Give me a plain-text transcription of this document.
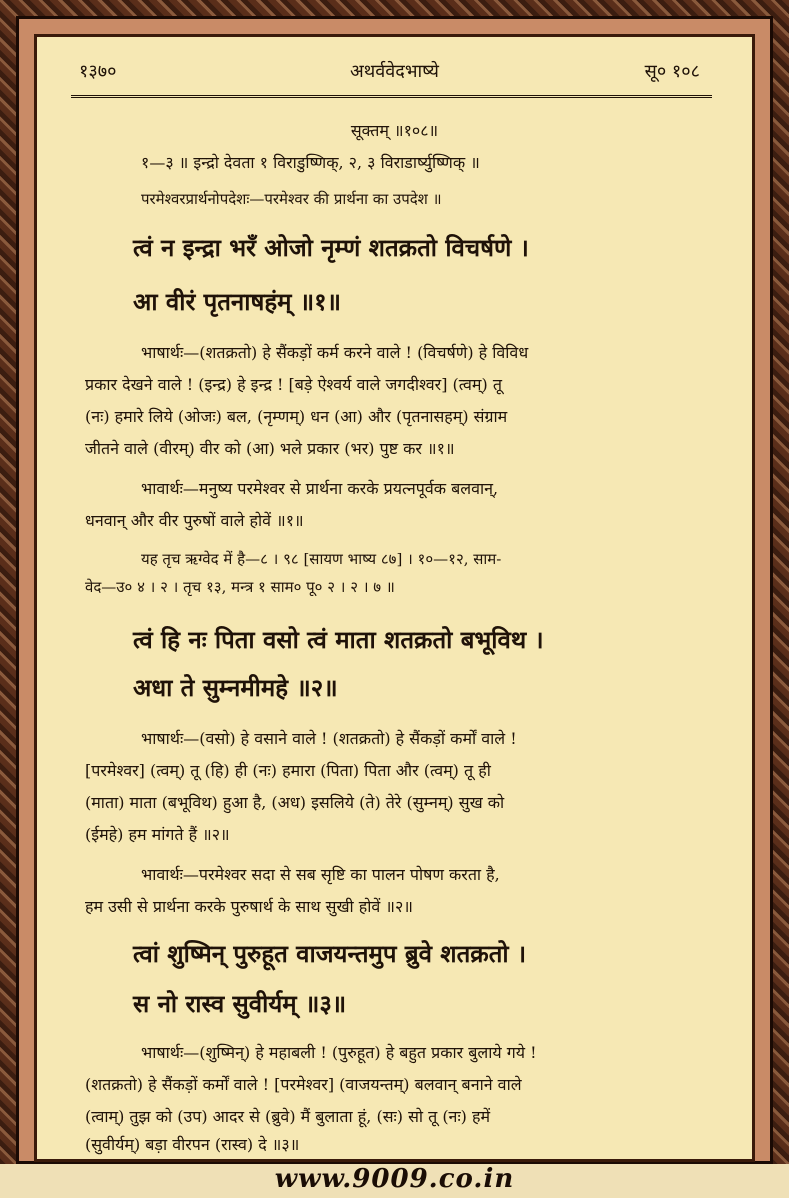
१३७०	अथर्ववेदभाष्ये	सू० १०८
सूक्तम् ॥१०८॥
१—३ ॥ इन्द्रो देवता १ विराडुष्णिक्, २, ३ विराडार्ष्युष्णिक् ॥
परमेश्वरप्रार्थनोपदेशः—परमेश्वर की प्रार्थना का उपदेश ॥
त्वं न इन्द्रा भरँ ओजो नृम्णं शतक्रतो विचर्षणे ।
आ वीरं पृतनाषहंम् ॥१॥
भाषार्थः—(शतक्रतो) हे सैंकड़ों कर्म करने वाले ! (विचर्षणे) हे विविध
प्रकार देखने वाले ! (इन्द्र) हे इन्द्र ! [बड़े ऐश्वर्य वाले जगदीश्वर] (त्वम्) तू
(नः) हमारे लिये (ओजः) बल, (नृम्णम्) धन (आ) और (पृतनासहम्) संग्राम
जीतने वाले (वीरम्) वीर को (आ) भले प्रकार (भर) पुष्ट कर ॥१॥
भावार्थः—मनुष्य परमेश्वर से प्रार्थना करके प्रयत्नपूर्वक बलवान्,
धनवान् और वीर पुरुषों वाले होवें ॥१॥
यह तृच ऋग्वेद में है—८ । ९८ [सायण भाष्य ८७] । १०—१२, साम-
वेद—उ० ४ । २ । तृच १३, मन्त्र १ साम० पू० २ । २ । ७ ॥
त्वं हि नः पिता वसो त्वं माता शतक्रतो बभूविथ ।
अधा ते सुम्नमीमहे ॥२॥
भाषार्थः—(वसो) हे वसाने वाले ! (शतक्रतो) हे सैंकड़ों कर्मों वाले !
[परमेश्वर] (त्वम्) तू (हि) ही (नः) हमारा (पिता) पिता और (त्वम्) तू ही
(माता) माता (बभूविथ) हुआ है, (अध) इसलिये (ते) तेरे (सुम्नम्) सुख को
(ईमहे) हम मांगते हैं ॥२॥
भावार्थः—परमेश्वर सदा से सब सृष्टि का पालन पोषण करता है,
हम उसी से प्रार्थना करके पुरुषार्थ के साथ सुखी होवें ॥२॥
त्वां शुष्मिन् पुरुहूत वाजयन्तमुप ब्रुवे शतक्रतो ।
स नो रास्व सुवीर्यम् ॥३॥
भाषार्थः—(शुष्मिन्) हे महाबली ! (पुरुहूत) हे बहुत प्रकार बुलाये गये !
(शतक्रतो) हे सैंकड़ों कर्मों वाले ! [परमेश्वर] (वाजयन्तम्) बलवान् बनाने वाले
(त्वाम्) तुझ को (उप) आदर से (ब्रुवे) मैं बुलाता हूं, (सः) सो तू (नः) हमें
(सुवीर्यम्) बड़ा वीरपन (रास्व) दे ॥३॥
www.9009.co.in
